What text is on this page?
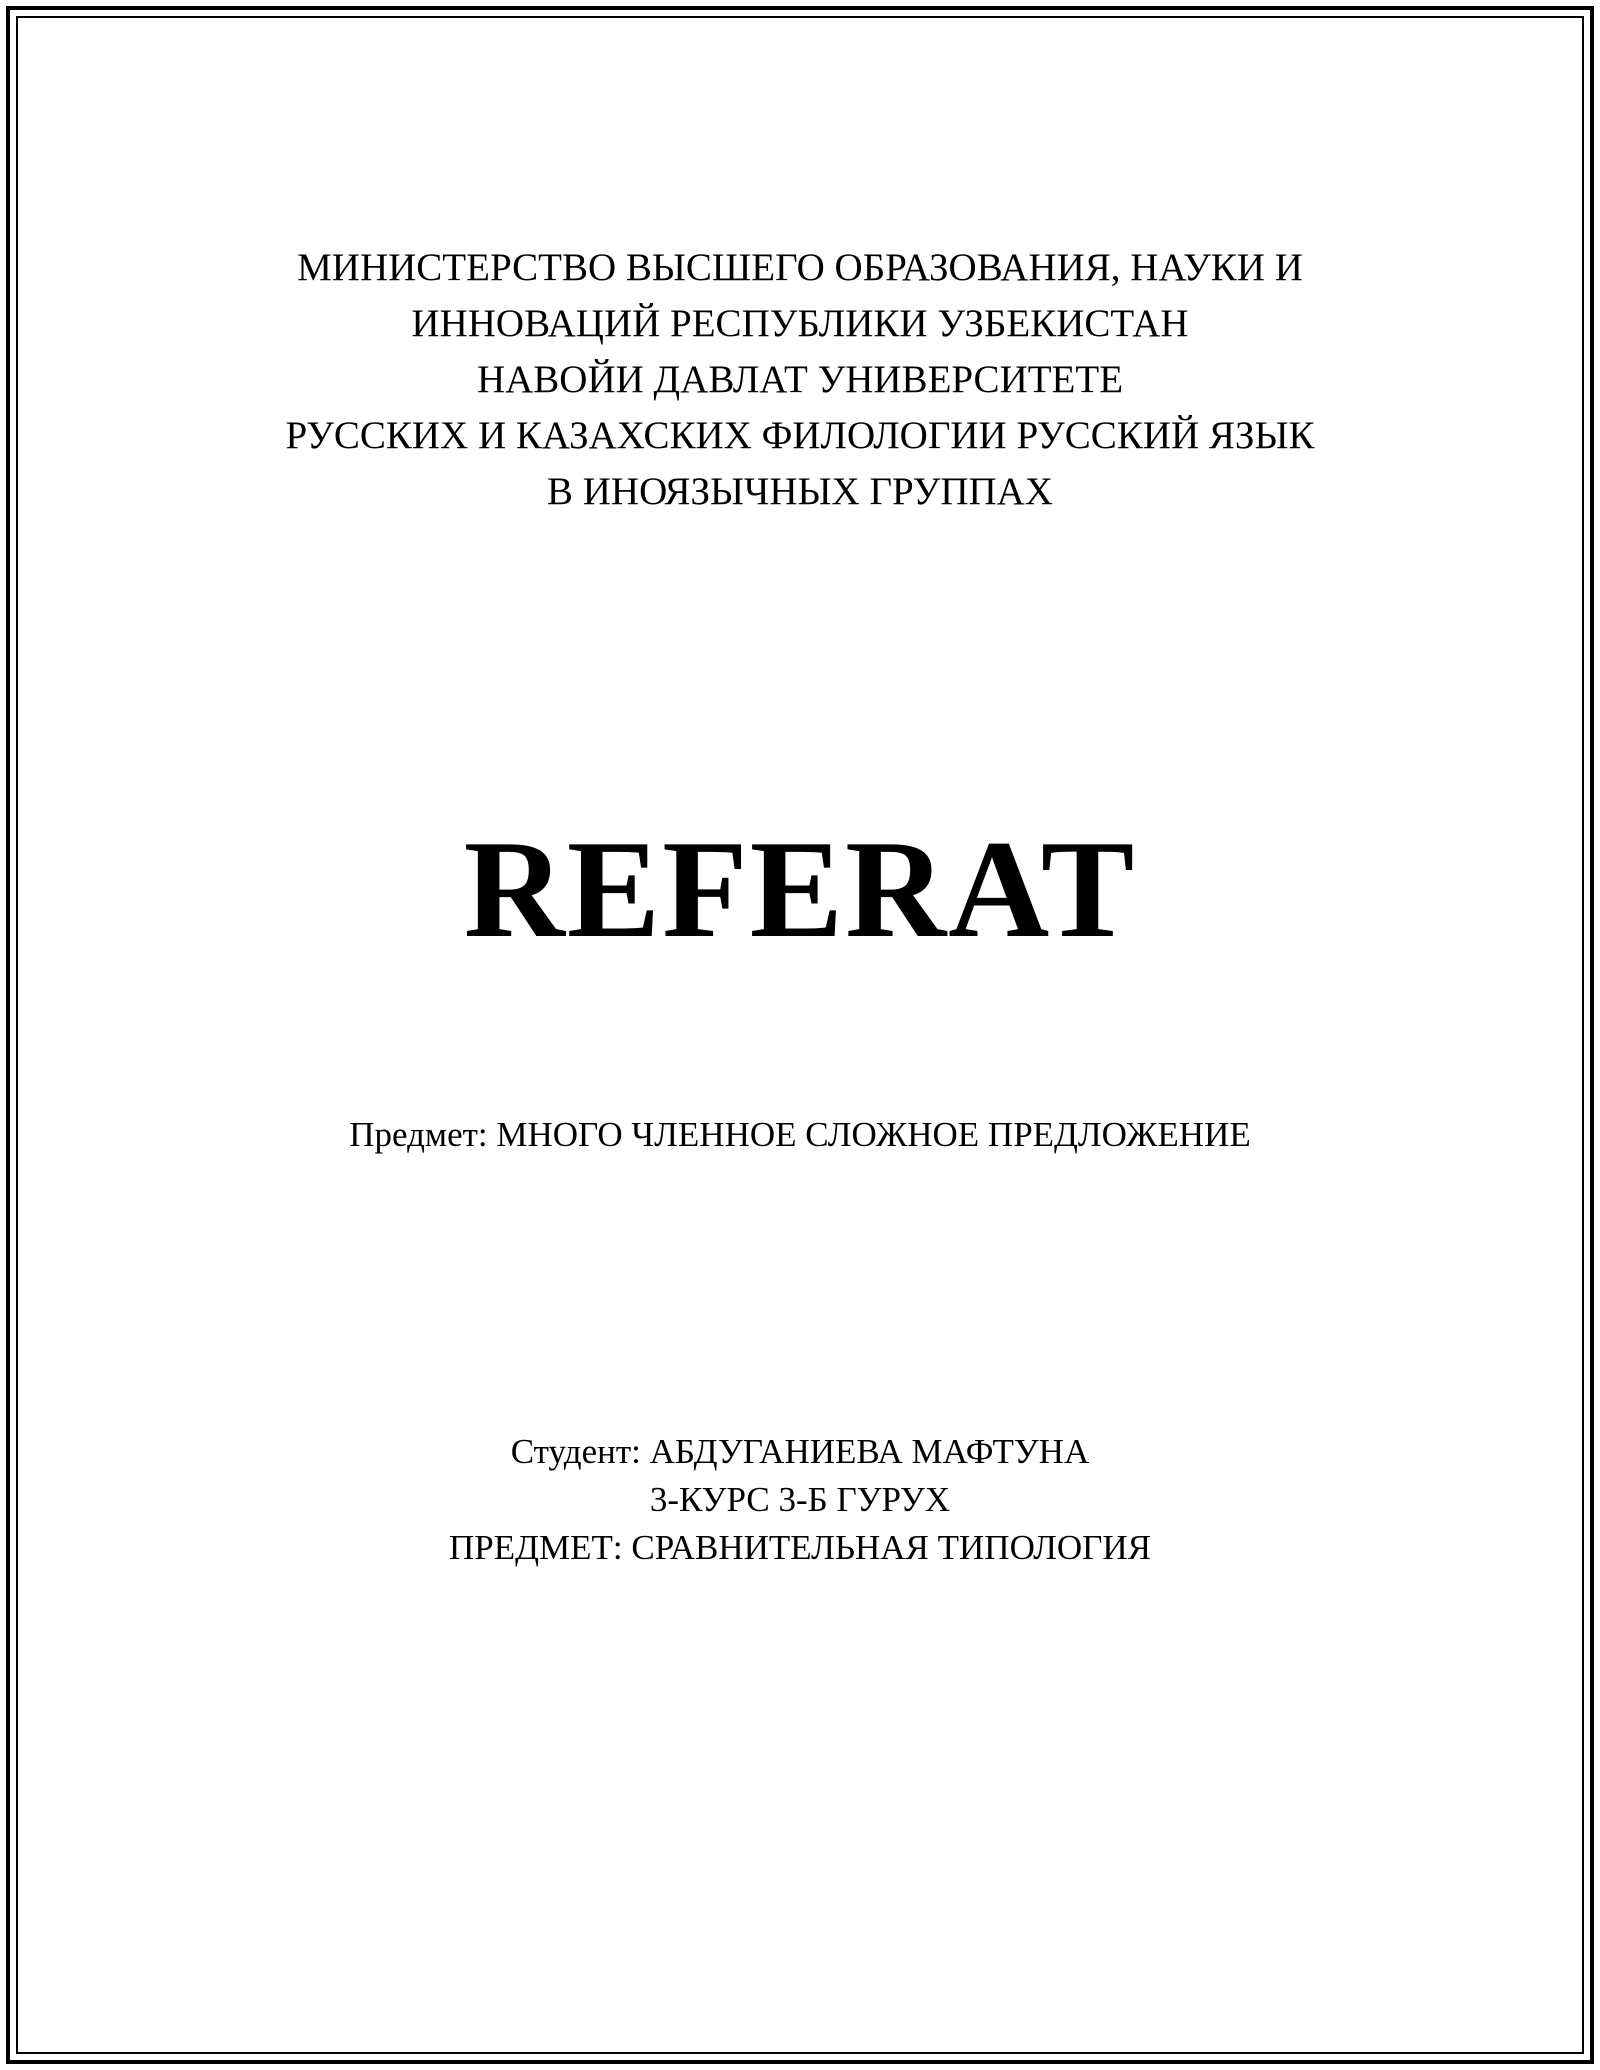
МИНИСТЕРСТВО ВЫСШЕГО ОБРАЗОВАНИЯ, НАУКИ И
ИННОВАЦИЙ РЕСПУБЛИКИ УЗБЕКИСТАН
НАВОЙИ ДАВЛАТ УНИВЕРСИТЕТЕ
РУССКИХ И КАЗАХСКИХ ФИЛОЛОГИИ РУССКИЙ ЯЗЫК
В ИНОЯЗЫЧНЫХ ГРУППАХ
REFERAT
Предмет: МНОГО ЧЛЕННОЕ СЛОЖНОЕ ПРЕДЛОЖЕНИЕ
Студент: АБДУГАНИЕВА МАФТУНА
3-КУРС 3-Б ГУРУХ
ПРЕДМЕТ: СРАВНИТЕЛЬНАЯ ТИПОЛОГИЯ
